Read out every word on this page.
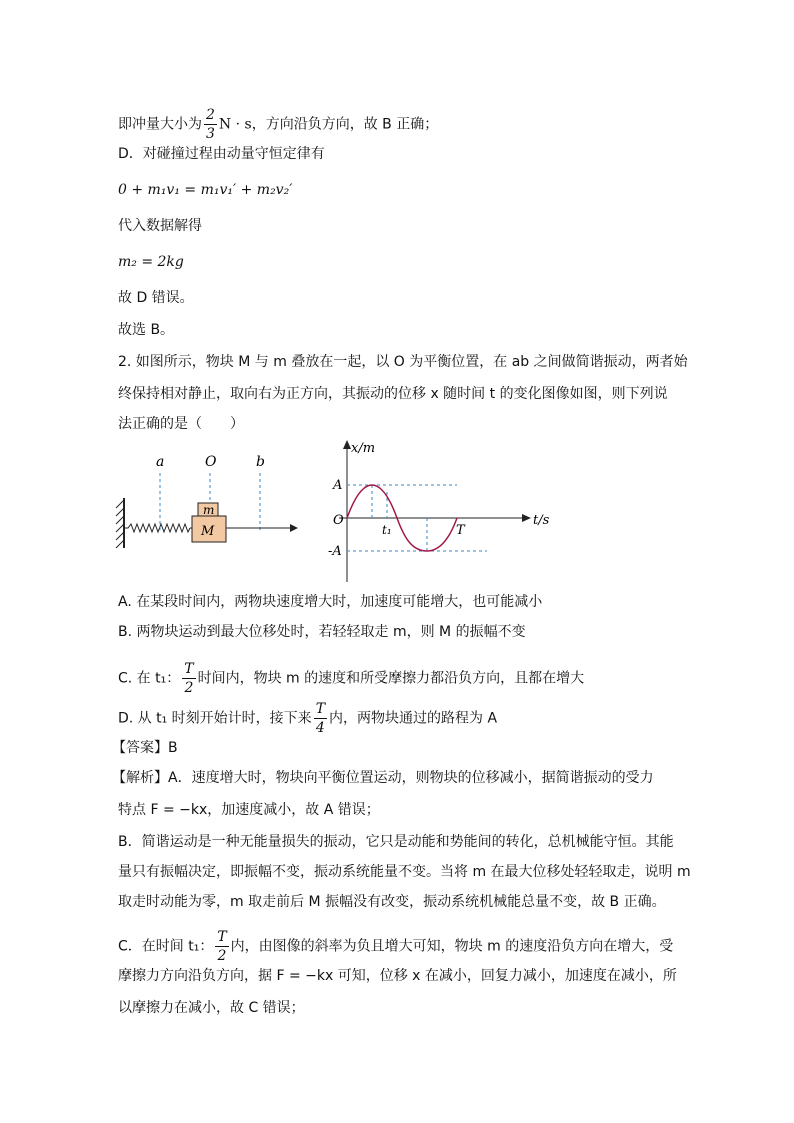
即冲量大小为 $\frac{2}{3}$ N · s，方向沿负方向，故 B 正确；
D．对碰撞过程由动量守恒定律有
0 + m₁v₁ = m₁v₁′ + m₂v₂′
代入数据解得
m₂ = 2kg
故 D 错误。
故选 B。
2. 如图所示，物块 M 与 m 叠放在一起，以 O 为平衡位置，在 ab 之间做简谐振动，两者始
终保持相对静止，取向右为正方向，其振动的位移 x 随时间 t 的变化图像如图，则下列说
法正确的是（　　）
a	O	b
m
M
x/m
t/s
A
-A
O
t₁	T
A. 在某段时间内，两物块速度增大时，加速度可能增大，也可能减小
B. 两物块运动到最大位移处时，若轻轻取走 m，则 M 的振幅不变
C. 在 t₁： $\frac{T}{2}$ 时间内，物块 m 的速度和所受摩擦力都沿负方向，且都在增大
D. 从 t₁ 时刻开始计时，接下来 $\frac{T}{4}$ 内，两物块通过的路程为 A
【答案】B
【解析】A．速度增大时，物块向平衡位置运动，则物块的位移减小，据简谐振动的受力
特点 F = −kx，加速度减小，故 A 错误；
B．简谐运动是一种无能量损失的振动，它只是动能和势能间的转化，总机械能守恒。其能
量只有振幅决定，即振幅不变，振动系统能量不变。当将 m 在最大位移处轻轻取走，说明 m
取走时动能为零，m 取走前后 M 振幅没有改变，振动系统机械能总量不变，故 B 正确。
C．在时间 t₁： $\frac{T}{2}$ 内，由图像的斜率为负且增大可知，物块 m 的速度沿负方向在增大，受
摩擦力方向沿负方向，据 F = −kx 可知，位移 x 在减小，回复力减小，加速度在减小，所
以摩擦力在减小，故 C 错误；
